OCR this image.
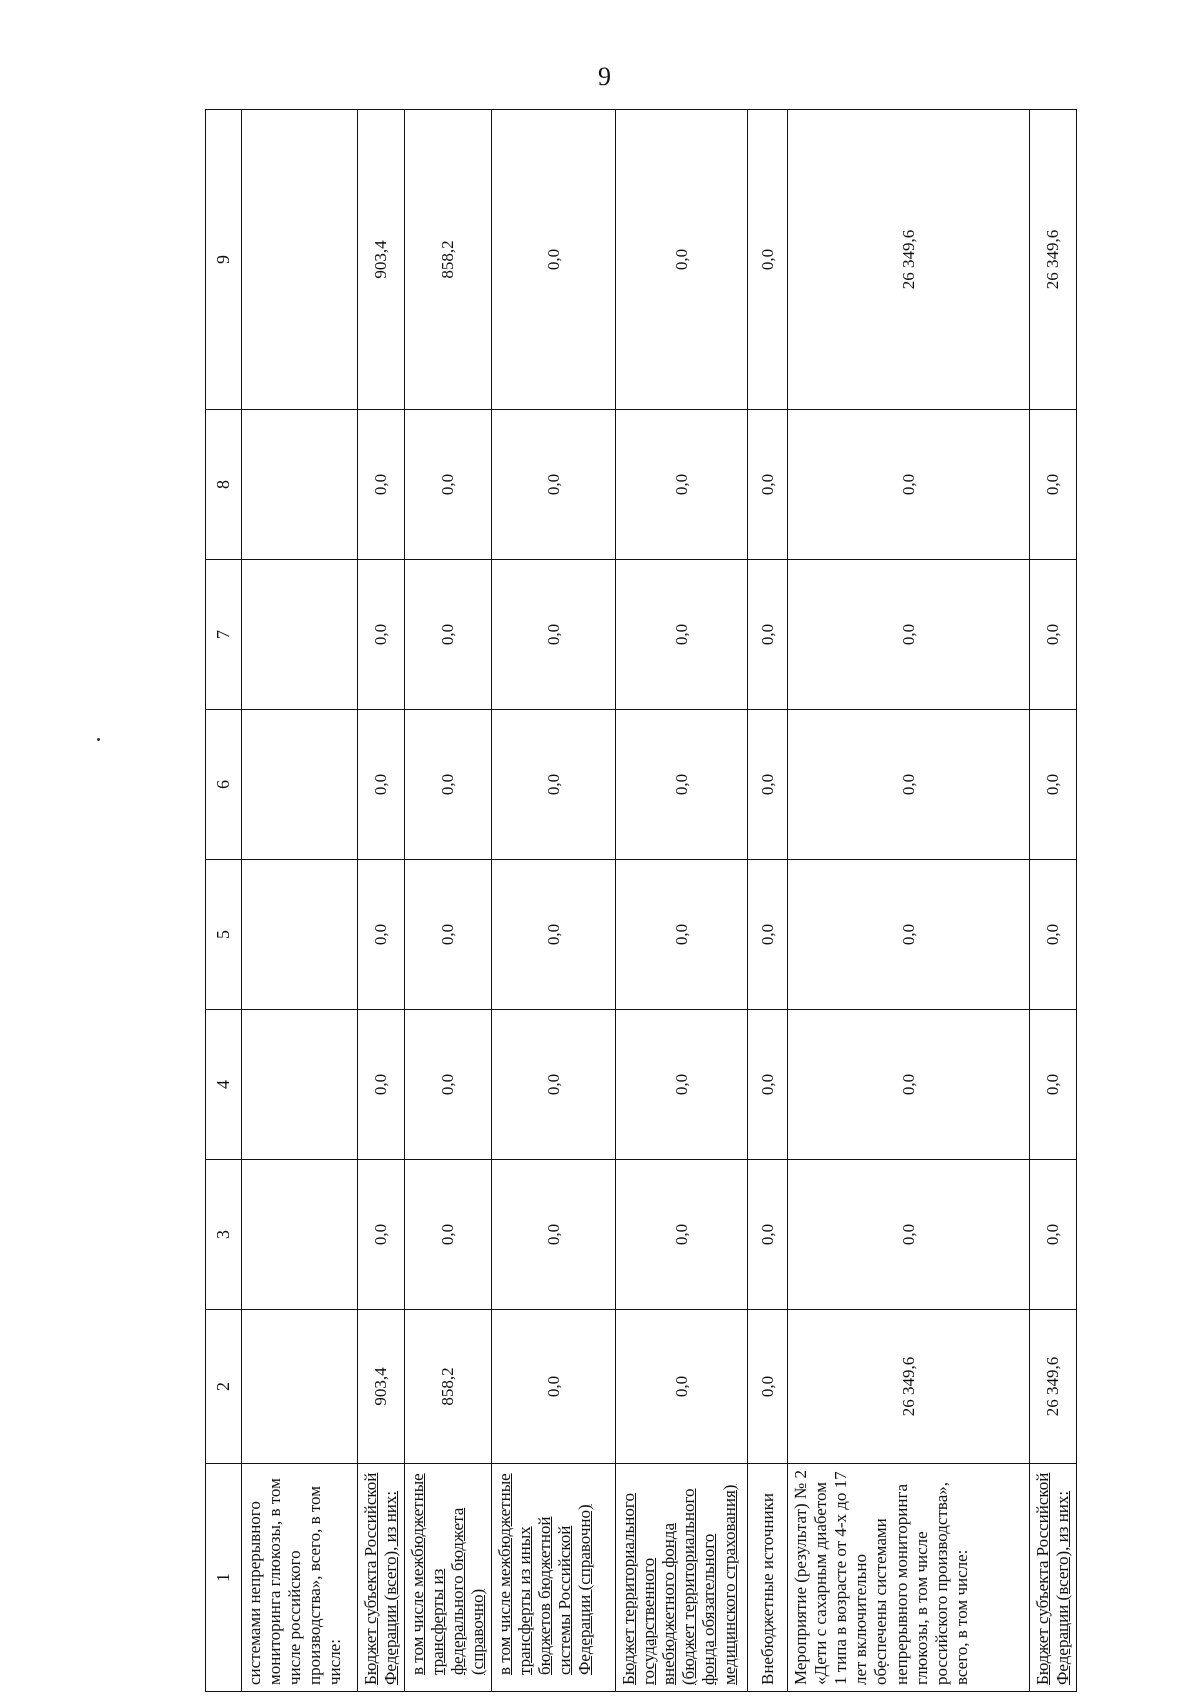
9
1	2	3	4	5	6	7	8	9
системами непрерывного мониторинга глюкозы, в том числе российского производства», всего, в том числе:								
Бюджет субъекта Российской Федерации (всего), из них:	903,4	0,0	0,0	0,0	0,0	0,0	0,0	903,4
в том числе межбюджетные трансферты из федерального бюджета (справочно)	858,2	0,0	0,0	0,0	0,0	0,0	0,0	858,2
в том числе межбюджетные трансферты из иных бюджетов бюджетной системы Российской Федерации (справочно)	0,0	0,0	0,0	0,0	0,0	0,0	0,0	0,0
Бюджет территориального государственного внебюджетного фонда (бюджет территориального фонда обязательного медицинского страхования)	0,0	0,0	0,0	0,0	0,0	0,0	0,0	0,0
Внебюджетные источники	0,0	0,0	0,0	0,0	0,0	0,0	0,0	0,0
Мероприятие (результат) № 2 «Дети с сахарным диабетом 1 типа в возрасте от 4-х до 17 лет включительно обеспечены системами непрерывного мониторинга глюкозы, в том числе российского производства», всего, в том числе:	26 349,6	0,0	0,0	0,0	0,0	0,0	0,0	26 349,6
Бюджет субъекта Российской Федерации (всего), из них:	26 349,6	0,0	0,0	0,0	0,0	0,0	0,0	26 349,6
